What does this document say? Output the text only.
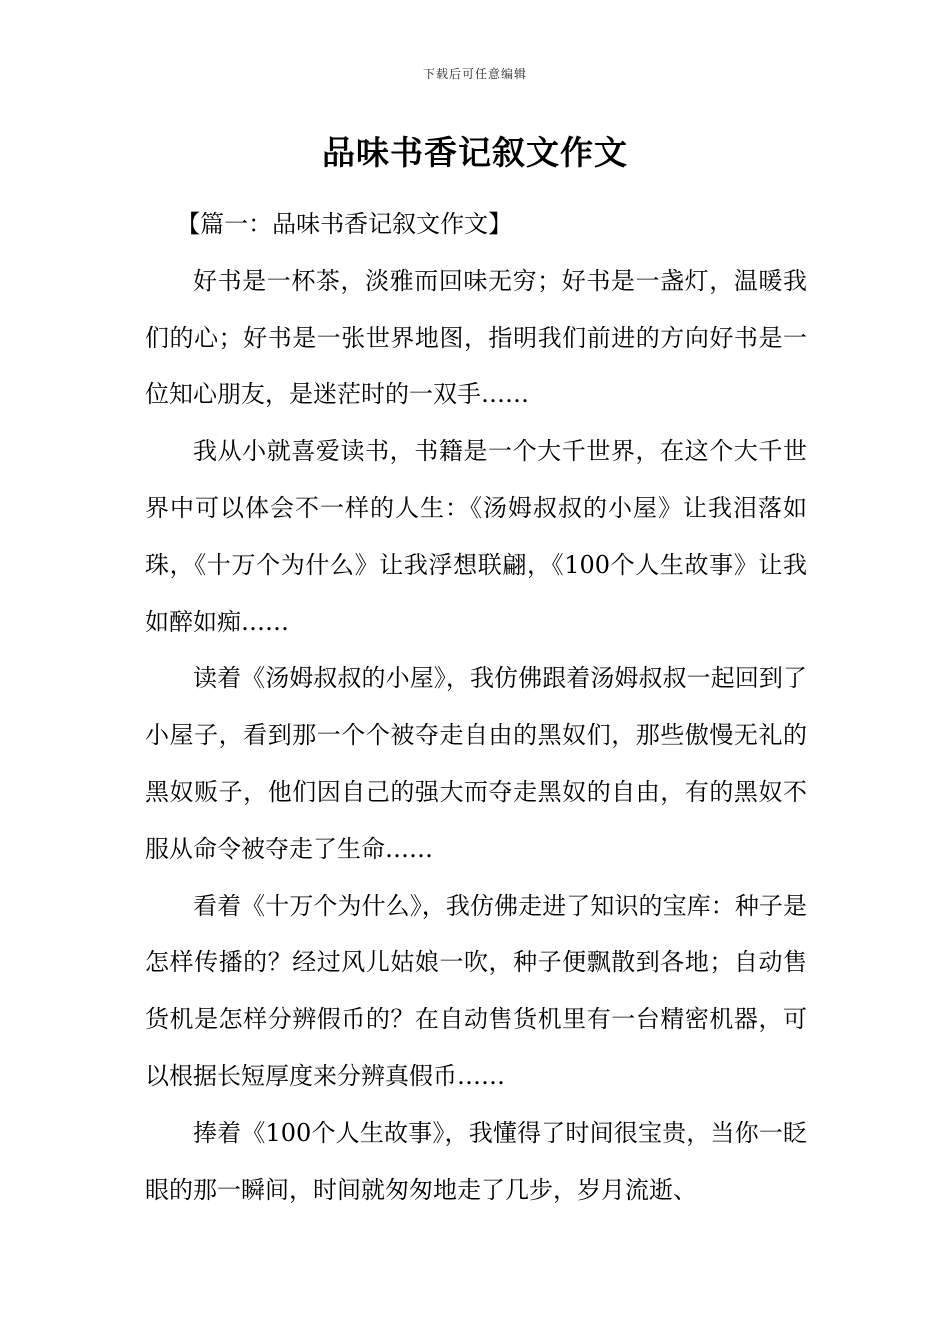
下载后可任意编辑
品味书香记叙文作文

【篇一：品味书香记叙文作文】

好书是一杯茶，淡雅而回味无穷；好书是一盏灯，温暖我们的心；好书是一张世界地图，指明我们前进的方向好书是一位知心朋友，是迷茫时的一双手……

我从小就喜爱读书，书籍是一个大千世界，在这个大千世界中可以体会不一样的人生：《汤姆叔叔的小屋》让我泪落如珠，《十万个为什么》让我浮想联翩，《100个人生故事》让我如醉如痴……

读着《汤姆叔叔的小屋》，我仿佛跟着汤姆叔叔一起回到了小屋子，看到那一个个被夺走自由的黑奴们，那些傲慢无礼的黑奴贩子，他们因自己的强大而夺走黑奴的自由，有的黑奴不服从命令被夺走了生命……

看着《十万个为什么》，我仿佛走进了知识的宝库：种子是怎样传播的？经过风儿姑娘一吹，种子便飘散到各地；自动售货机是怎样分辨假币的？在自动售货机里有一台精密机器，可以根据长短厚度来分辨真假币……

捧着《100个人生故事》，我懂得了时间很宝贵，当你一眨眼的那一瞬间，时间就匆匆地走了几步，岁月流逝、
